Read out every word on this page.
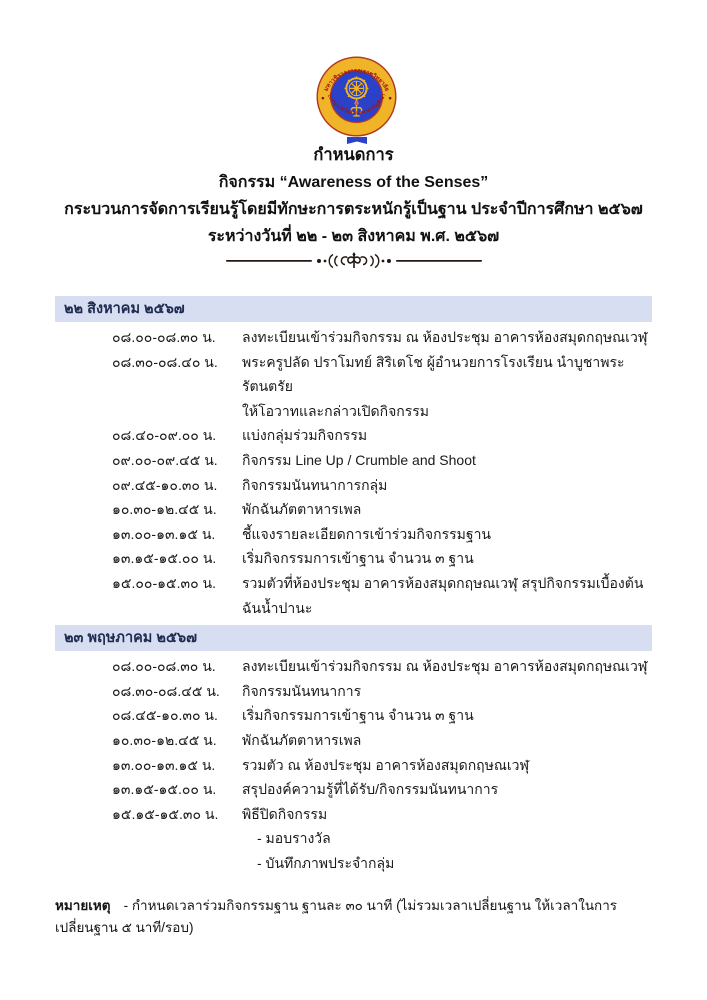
มหาวชิราลงกรณราชวิทยาลัย
โรงเรียนวัดไผ่ดำ แผนกสามัญศึกษา
กำหนดการ
กิจกรรม “Awareness of the Senses”
กระบวนการจัดการเรียนรู้โดยมีทักษะการตระหนักรู้เป็นฐาน ประจำปีการศึกษา ๒๕๖๗
ระหว่างวันที่ ๒๒ - ๒๓ สิงหาคม พ.ศ. ๒๕๖๗
๒๒ สิงหาคม ๒๕๖๗
๐๘.๐๐-๐๘.๓๐ น.	ลงทะเบียนเข้าร่วมกิจกรรม ณ ห้องประชุม อาคารห้องสมุดกฤษณเวฬุ
๐๘.๓๐-๐๘.๔๐ น.	พระครูปลัด ปราโมทย์ สิริเตโช ผู้อำนวยการโรงเรียน นำบูชาพระรัตนตรัย
ให้โอวาทและกล่าวเปิดกิจกรรม
๐๘.๔๐-๐๙.๐๐ น.	แบ่งกลุ่มร่วมกิจกรรม
๐๙.๐๐-๐๙.๔๕ น.	กิจกรรม Line Up / Crumble and Shoot
๐๙.๔๕-๑๐.๓๐ น.	กิจกรรมนันทนาการกลุ่ม
๑๐.๓๐-๑๒.๔๕ น.	พักฉันภัตตาหารเพล
๑๓.๐๐-๑๓.๑๕ น.	ชี้แจงรายละเอียดการเข้าร่วมกิจกรรมฐาน
๑๓.๑๕-๑๕.๐๐ น.	เริ่มกิจกรรมการเข้าฐาน จำนวน ๓ ฐาน
๑๕.๐๐-๑๕.๓๐ น.	รวมตัวที่ห้องประชุม อาคารห้องสมุดกฤษณเวฬุ สรุปกิจกรรมเบื้องต้น
ฉันน้ำปานะ
๒๓ พฤษภาคม ๒๕๖๗
๐๘.๐๐-๐๘.๓๐ น.	ลงทะเบียนเข้าร่วมกิจกรรม ณ ห้องประชุม อาคารห้องสมุดกฤษณเวฬุ
๐๘.๓๐-๐๘.๔๕ น.	กิจกรรมนันทนาการ
๐๘.๔๕-๑๐.๓๐ น.	เริ่มกิจกรรมการเข้าฐาน จำนวน ๓ ฐาน
๑๐.๓๐-๑๒.๔๕ น.	พักฉันภัตตาหารเพล
๑๓.๐๐-๑๓.๑๕ น.	รวมตัว ณ ห้องประชุม อาคารห้องสมุดกฤษณเวฬุ
๑๓.๑๕-๑๕.๐๐ น.	สรุปองค์ความรู้ที่ได้รับ/กิจกรรมนันทนาการ
๑๕.๑๕-๑๕.๓๐ น.	พิธีปิดกิจกรรม
- มอบรางวัล
- บันทึกภาพประจำกลุ่ม
หมายเหตุ - กำหนดเวลาร่วมกิจกรรมฐาน ฐานละ ๓๐ นาที (ไม่รวมเวลาเปลี่ยนฐาน ให้เวลาในการเปลี่ยนฐาน ๕ นาที/รอบ)
